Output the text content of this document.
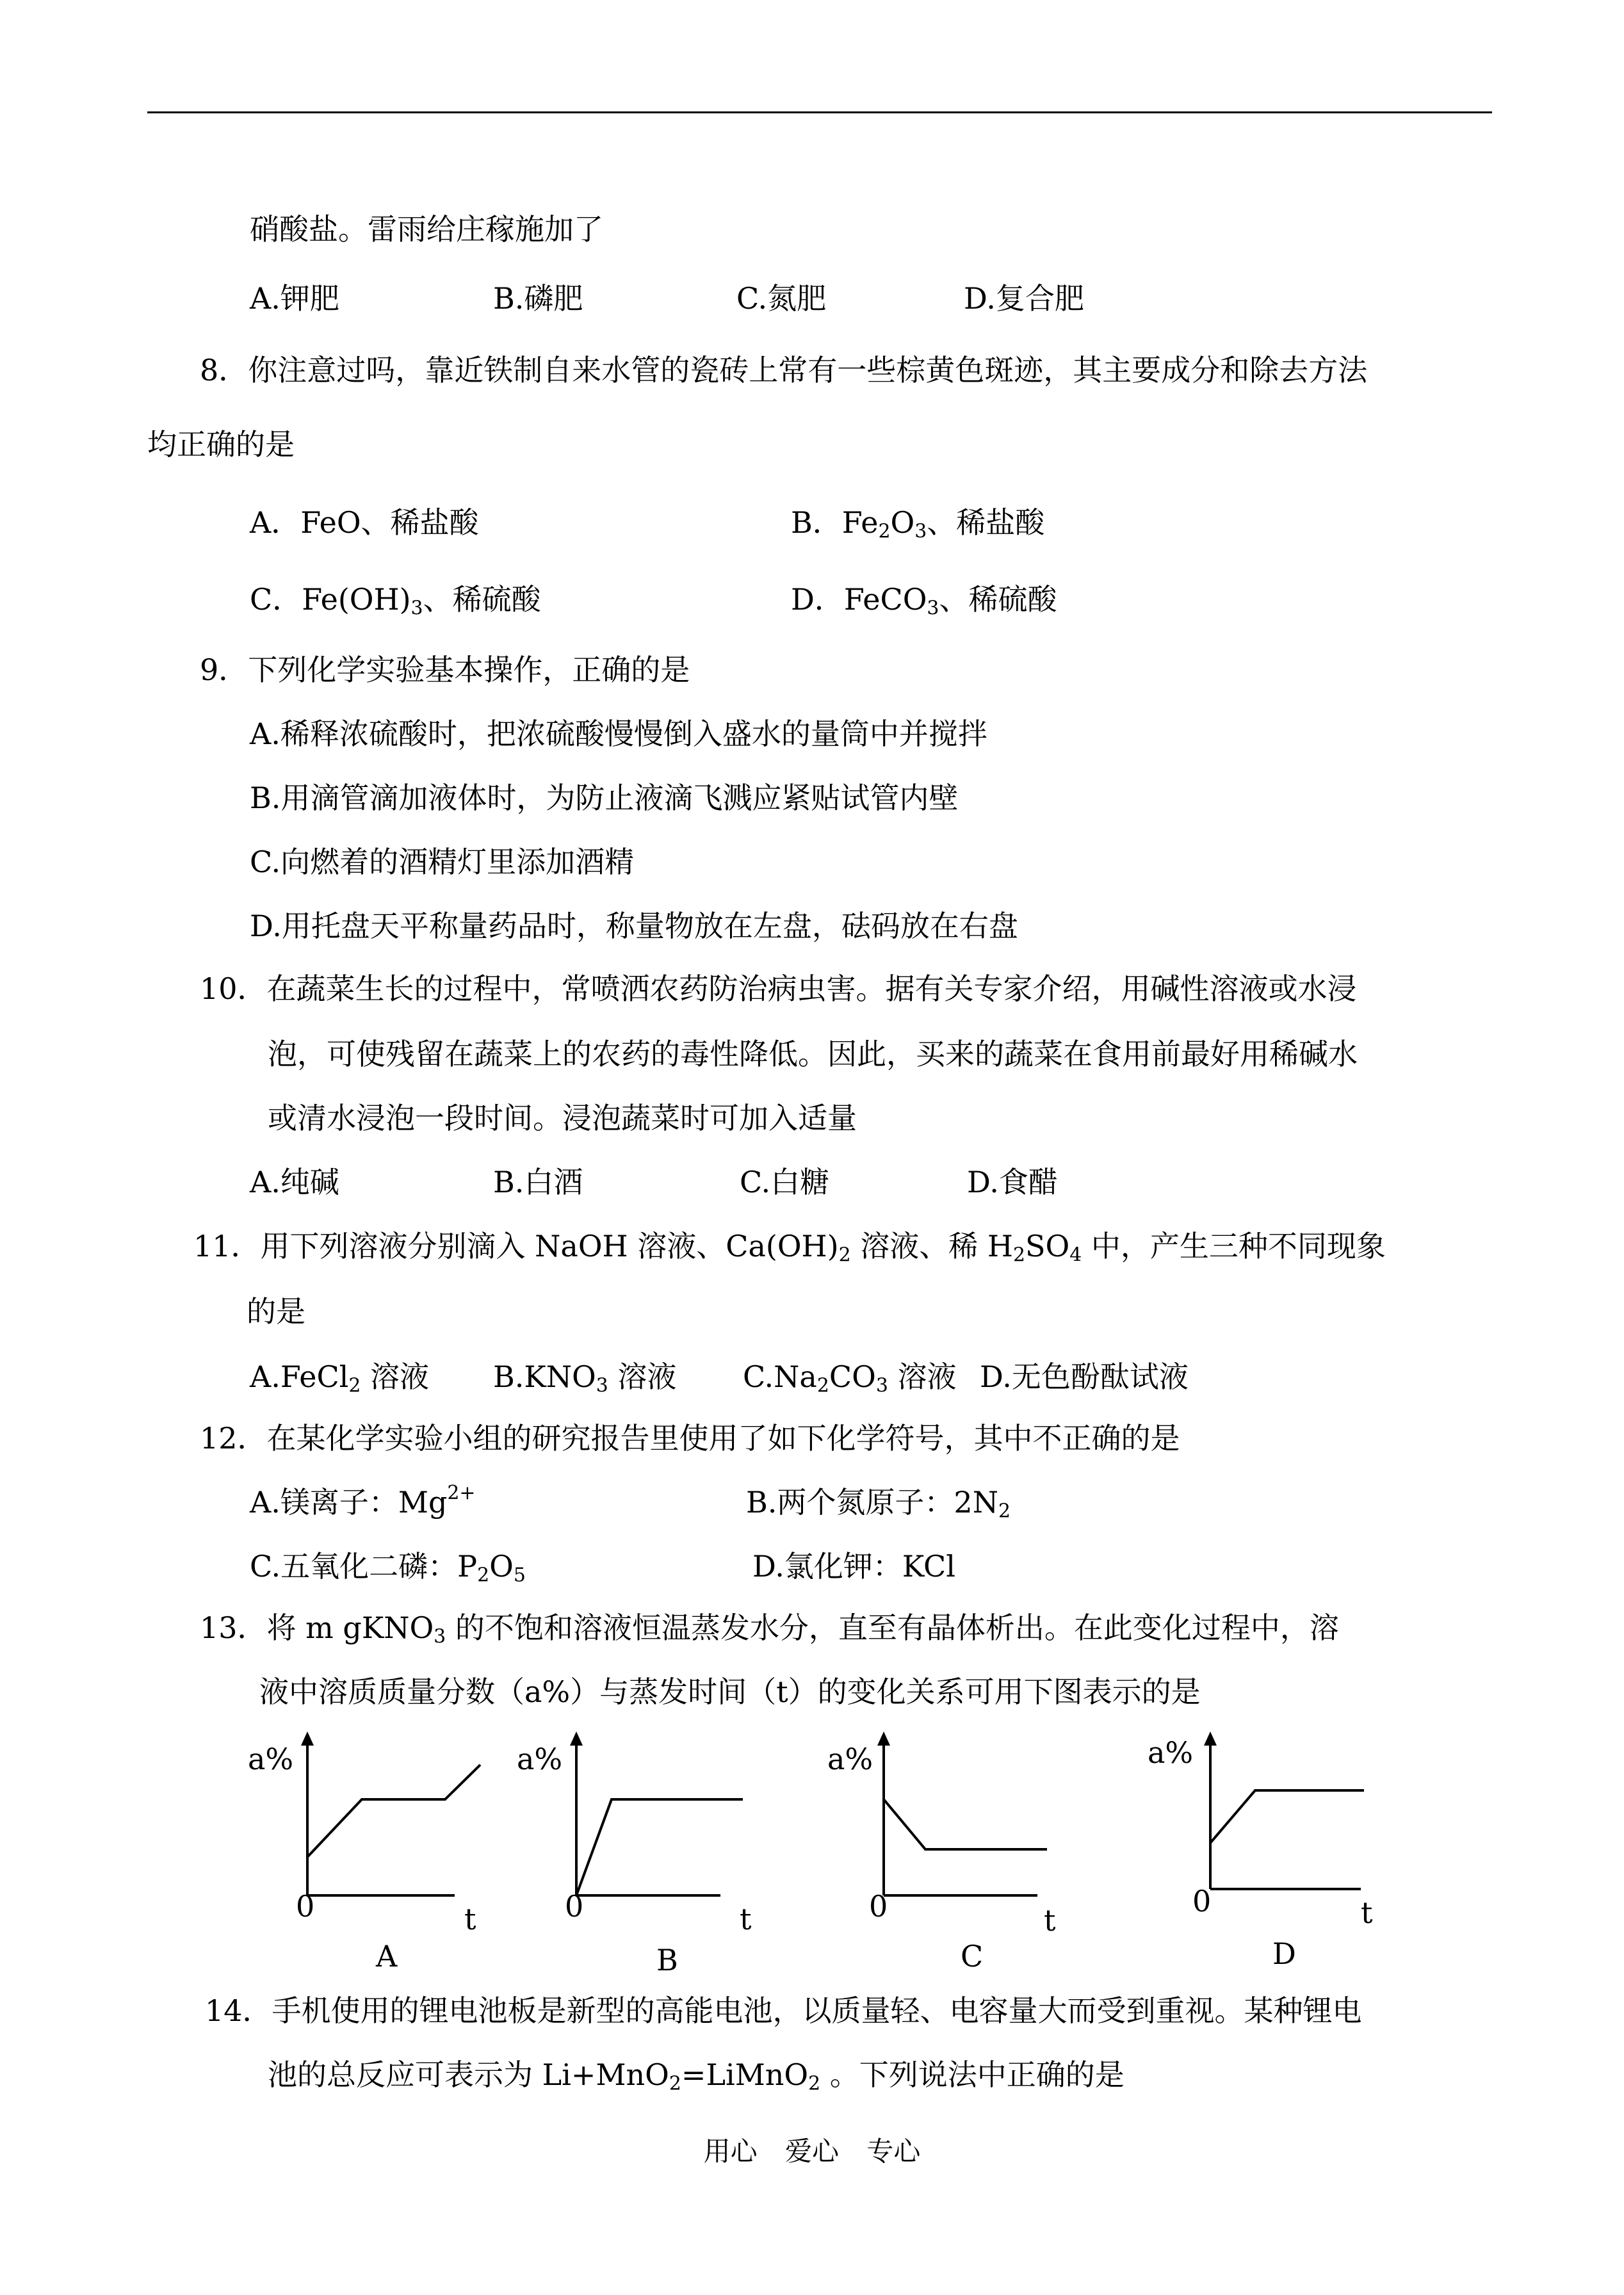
硝酸盐。雷雨给庄稼施加了
A.钾肥	B.磷肥	C.氮肥	D.复合肥
8．你注意过吗，靠近铁制自来水管的瓷砖上常有一些棕黄色斑迹，其主要成分和除去方法
均正确的是
A．FeO、稀盐酸	B．$Fe_2O_3$、稀盐酸
C．$Fe(OH)_3$、稀硫酸	D．FeCO$_3$、稀硫酸
9．下列化学实验基本操作，正确的是
A.稀释浓硫酸时，把浓硫酸慢慢倒入盛水的量筒中并搅拌
B.用滴管滴加液体时，为防止液滴飞溅应紧贴试管内壁
C.向燃着的酒精灯里添加酒精
D.用托盘天平称量药品时，称量物放在左盘，砝码放在右盘
10．在蔬菜生长的过程中，常喷洒农药防治病虫害。据有关专家介绍，用碱性溶液或水浸
泡，可使残留在蔬菜上的农药的毒性降低。因此，买来的蔬菜在食用前最好用稀碱水
或清水浸泡一段时间。浸泡蔬菜时可加入适量
A.纯碱	B.白酒	C.白糖	D.食醋
11．用下列溶液分别滴入 NaOH 溶液、$Ca(OH)_2$ 溶液、稀 $H_2SO_4$ 中，产生三种不同现象
的是
A.FeCl$_2$ 溶液 $B.KNO_3$ 溶液 $C.Na_2CO_3$ 溶液 D.无色酚酞试液
12．在某化学实验小组的研究报告里使用了如下化学符号，其中不正确的是
A.镁离子：$Mg^{2+}$	B.两个氮原子：$2N_2$
C.五氧化二磷：$P_2O_5$	D.氯化钾：KCl
13．将 m gKNO$_3$ 的不饱和溶液恒温蒸发水分，直至有晶体析出。在此变化过程中，溶
液中溶质质量分数（a%）与蒸发时间（t）的变化关系可用下图表示的是
a%
0	t
A
a%
0	t
B
a%
0	t
C
a%
0	t
D
14．手机使用的锂电池板是新型的高能电池，以质量轻、电容量大而受到重视。某种锂电
池的总反应可表示为 Li+MnO$_2$=LiMnO$_2$ 。下列说法中正确的是
用心 爱心 专心
